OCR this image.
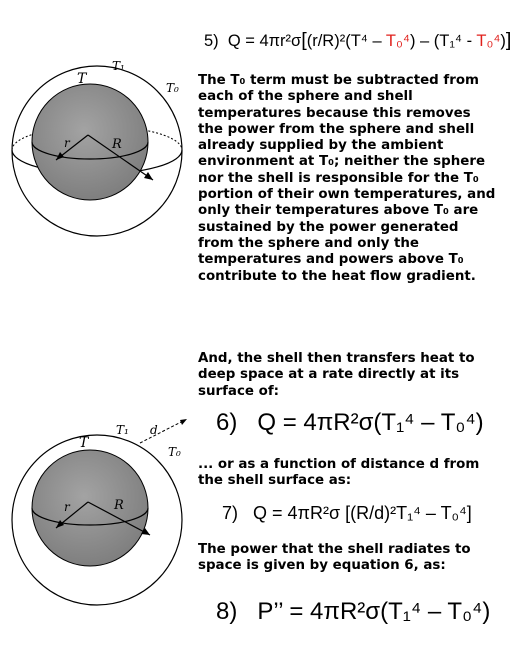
T
T₁
T₀
r	R
T
T₁ d
T₀
r	R
5) Q = 4πr²σ[(r/R)²(T⁴ – T₀⁴) – (T₁⁴ - T₀⁴)]
The T₀ term must be subtracted from each of the sphere and shell temperatures because this removes the power from the sphere and shell already supplied by the ambient environment at T₀; neither the sphere nor the shell is responsible for the T₀ portion of their own temperatures, and only their temperatures above T₀ are sustained by the power generated from the sphere and only the temperatures and powers above T₀ contribute to the heat flow gradient.
And, the shell then transfers heat to deep space at a rate directly at its surface of:
6) Q = 4πR²σ(T₁⁴ – T₀⁴)
... or as a function of distance d from the shell surface as:
7) Q = 4πR²σ [(R/d)²T₁⁴ – T₀⁴]
The power that the shell radiates to space is given by equation 6, as:
8) P’’ = 4πR²σ(T₁⁴ – T₀⁴)
